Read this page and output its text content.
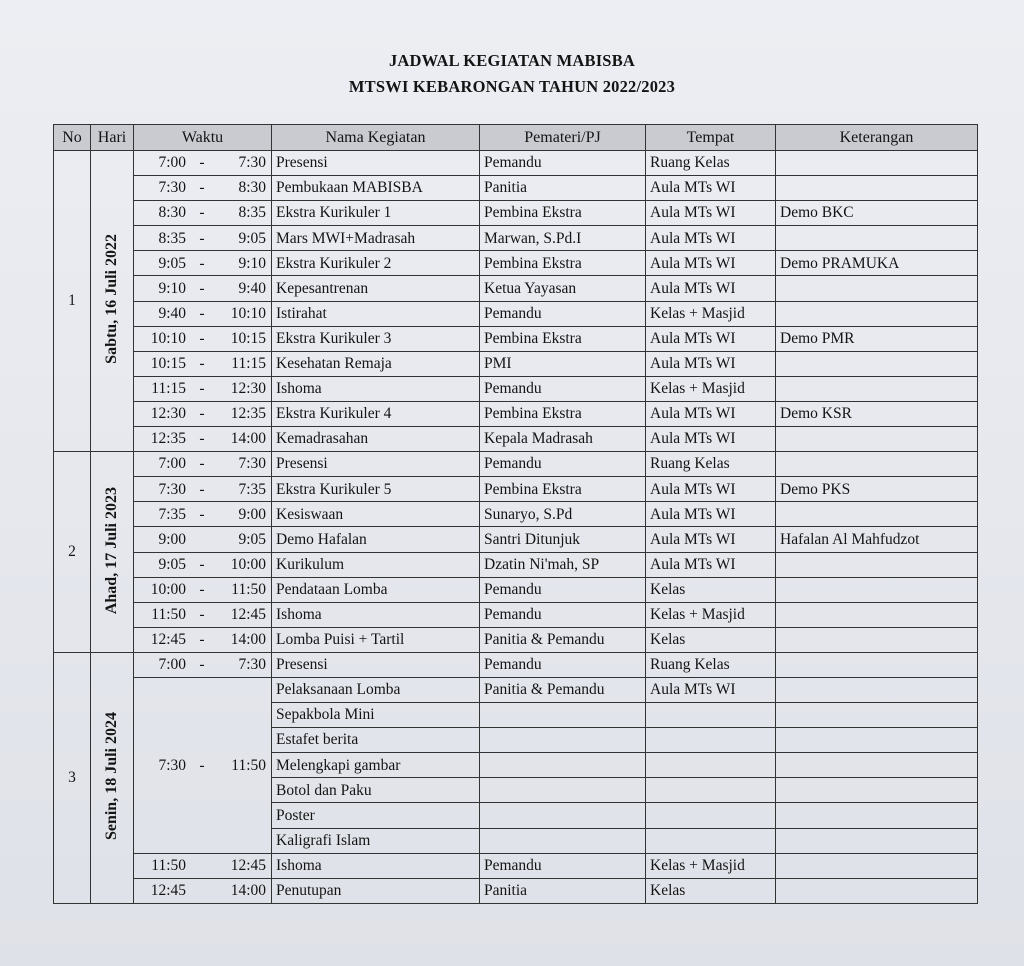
JADWAL KEGIATAN MABISBA
MTSWI KEBARONGAN TAHUN 2022/2023
No	Hari	Waktu	Nama Kegiatan	Pemateri/PJ	Tempat	Keterangan
1	Sabtu, 16 Juli 2022	7:00 - 7:30	Presensi	Pemandu	Ruang Kelas	

		7:30 - 8:30	Pembukaan MABISBA	Panitia	Aula MTs WI	

		8:30 - 8:35	Ekstra Kurikuler 1	Pembina Ekstra	Aula MTs WI	Demo BKC

		8:35 - 9:05	Mars MWI+Madrasah	Marwan, S.Pd.I	Aula MTs WI	

		9:05 - 9:10	Ekstra Kurikuler 2	Pembina Ekstra	Aula MTs WI	Demo PRAMUKA

		9:10 - 9:40	Kepesantrenan	Ketua Yayasan	Aula MTs WI	

		9:40 - 10:10	Istirahat	Pemandu	Kelas + Masjid	

		10:10 - 10:15	Ekstra Kurikuler 3	Pembina Ekstra	Aula MTs WI	Demo PMR

		10:15 - 11:15	Kesehatan Remaja	PMI	Aula MTs WI	

		11:15 - 12:30	Ishoma	Pemandu	Kelas + Masjid	

		12:30 - 12:35	Ekstra Kurikuler 4	Pembina Ekstra	Aula MTs WI	Demo KSR

		12:35 - 14:00	Kemadrasahan	Kepala Madrasah	Aula MTs WI	
2	Ahad, 17 Juli 2023	7:00 - 7:30	Presensi	Pemandu	Ruang Kelas	

		7:30 - 7:35	Ekstra Kurikuler 5	Pembina Ekstra	Aula MTs WI	Demo PKS

		7:35 - 9:00	Kesiswaan	Sunaryo, S.Pd	Aula MTs WI	

		9:00 9:05	Demo Hafalan	Santri Ditunjuk	Aula MTs WI	Hafalan Al Mahfudzot

		9:05 - 10:00	Kurikulum	Dzatin Ni'mah, SP	Aula MTs WI	

		10:00 - 11:50	Pendataan Lomba	Pemandu	Kelas	

		11:50 - 12:45	Ishoma	Pemandu	Kelas + Masjid	

		12:45 - 14:00	Lomba Puisi + Tartil	Panitia & Pemandu	Kelas	
3	Senin, 18 Juli 2024	7:00 - 7:30	Presensi	Pemandu	Ruang Kelas	

		7:30 - 11:50	Pelaksanaan Lomba	Panitia & Pemandu	Aula MTs WI	
			Sepakbola Mini			
			Estafet berita			
			Melengkapi gambar			
			Botol dan Paku			
			Poster			
			Kaligrafi Islam			

		11:50 12:45	Ishoma	Pemandu	Kelas + Masjid	

		12:45 14:00	Penutupan	Panitia	Kelas	
